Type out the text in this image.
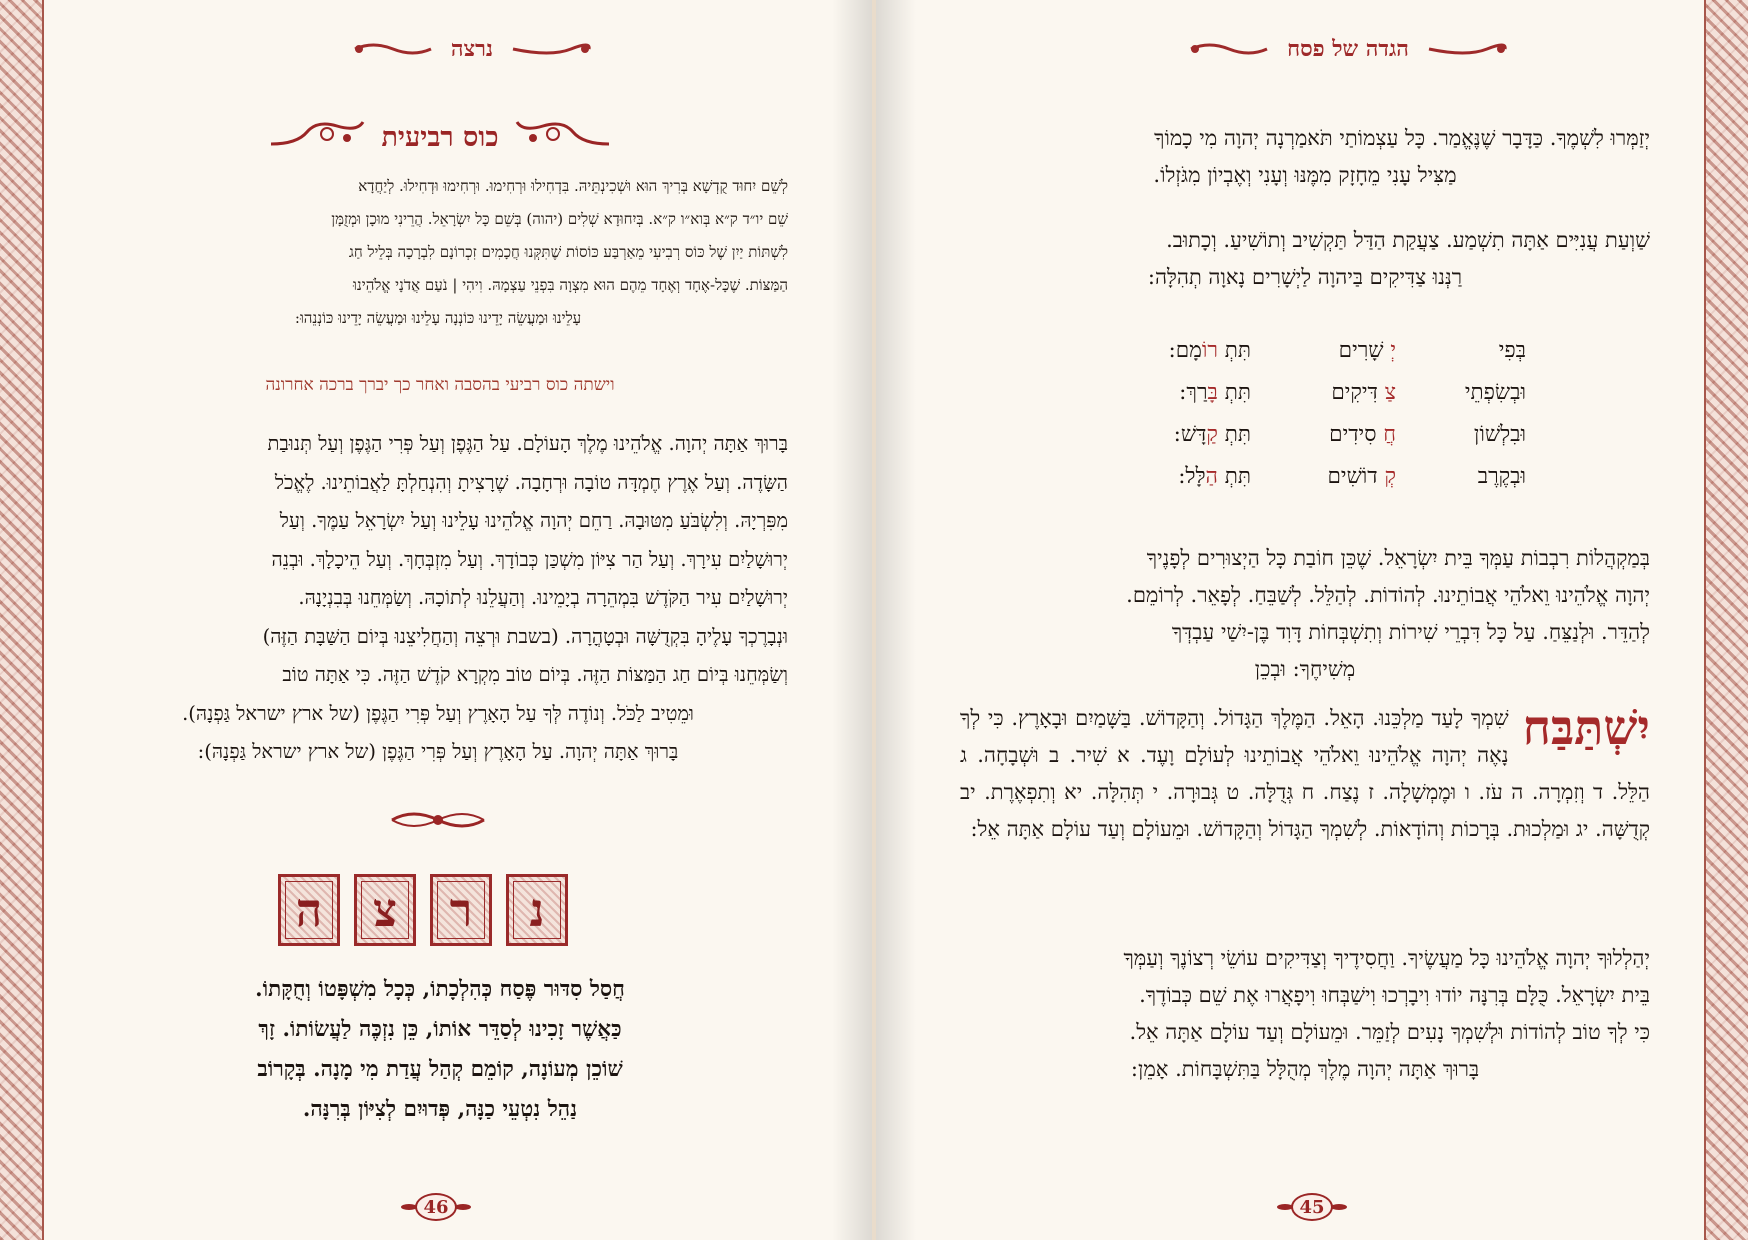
נרצה
כוס רביעית

לְשֵׁם יִחוּד קֻדְשָׁא בְּרִיךְ הוּא וּשְׁכִינְתֵּיהּ. בִּדְחִילוּ וּרְחִימוּ. וּרְחִימוּ וּדְחִילוּ. לְיַחֲדָא

שֵׁם יו״ד ק״א בְּוא״ו ק״א. בְּיִחוּדָא שְׁלִים (יהוה) בְּשֵׁם כָּל יִשְׂרָאֵל. הֲרֵינִי מוּכָן וּמְזֻמָּן

לִשְׁתּוֹת יַיִן שֶׁל כּוֹס רְבִיעִי מֵאַרְבַּע כּוֹסוֹת שֶׁתִּקְּנוּ חֲכָמִים זִכְרוֹנָם לִבְרָכָה בְּלֵיל חַג

הַמַּצּוֹת. שֶׁכָּל-אֶחָד וְאֶחָד מֵהֶם הוּא מִצְוָה בִּפְנֵי עַצְמָהּ. וִיהִי | נֹעַם אֲדֹנָי אֱלֹהֵינוּ

עָלֵינוּ וּמַעֲשֵׂה יָדֵינוּ כּוֹנְנָה עָלֵינוּ וּמַעֲשֵׂה יָדֵינוּ כּוֹנְנֵהוּ:

וישתה כוס רביעי בהסבה ואחר כך יברך ברכה אחרונה

בָּרוּךְ אַתָּה יְהוָה. אֱלֹהֵינוּ מֶלֶךְ הָעוֹלָם. עַל הַגֶּפֶן וְעַל פְּרִי הַגֶּפֶן וְעַל תְּנוּבַת

הַשָּׂדֶה. וְעַל אֶרֶץ חֶמְדָּה טוֹבָה וּרְחָבָה. שֶׁרָצִיתָ וְהִנְחַלְתָּ לַאֲבוֹתֵינוּ. לֶאֱכֹל

מִפִּרְיָהּ. וְלִשְׂבֹּעַ מִטּוּבָהּ. רַחֵם יְהוָה אֱלֹהֵינוּ עָלֵינוּ וְעַל יִשְׂרָאֵל עַמֶּךָ. וְעַל

יְרוּשָׁלַיִם עִירָךְ. וְעַל הַר צִיּוֹן מִשְׁכַּן כְּבוֹדָךְ. וְעַל מִזְבְּחָךְ. וְעַל הֵיכָלָךְ. וּבְנֵה

יְרוּשָׁלַיִם עִיר הַקֹּדֶשׁ בִּמְהֵרָה בְיָמֵינוּ. וְהַעֲלֵנוּ לְתוֹכָהּ. וְשַׂמְּחֵנוּ בְּבִנְיָנָהּ.

וּנְבָרֶכְךָ עָלֶיהָ בִּקְדֻשָּׁה וּבְטָהֳרָה. (בשבת וּרְצֵה וְהַחֲלִיצֵנוּ בְּיוֹם הַשַּׁבָּת הַזֶּה)

וְשַׂמְּחֵנוּ בְּיוֹם חַג הַמַּצּוֹת הַזֶּה. בְּיוֹם טוֹב מִקְרָא קֹדֶשׁ הַזֶּה. כִּי אַתָּה טוֹב

וּמֵטִיב לַכֹּל. וְנוֹדֶה לְּךָ עַל הָאָרֶץ וְעַל פְּרִי הַגֶּפֶן (של ארץ ישראל גַּפְנָהּ).

בָּרוּךְ אַתָּה יְהוָה. עַל הָאָרֶץ וְעַל פְּרִי הַגֶּפֶן (של ארץ ישראל גַּפְנָהּ):

נ
ר
צ
ה

חֲסַל סִדּוּר פֶּסַח כְּהִלְכָתוֹ, כְּכָל מִשְׁפָּטוֹ וְחֻקָּתוֹ.

כַּאֲשֶׁר זָכִינוּ לְסַדֵּר אוֹתוֹ, כֵּן נִזְכֶּה לַעֲשׂוֹתוֹ. זָךְ

שׁוֹכֵן מְעוֹנָה, קוֹמֵם קְהַל עֲדַת מִי מָנָה. בְּקָרוֹב

נַהֵל נִטְעֵי כַנָּה, פְּדוּיִם לְצִיּוֹן בְּרִנָּה.

46
הגדה של פסח

יְזַמְּרוּ לִשְׁמֶךָ. כַּדָּבָר שֶׁנֶּאֱמַר. כָּל עַצְמוֹתַי תֹּאמַרְנָה יְהוָה מִי כָמוֹךָ

מַצִּיל עָנִי מֵחָזָק מִמֶּנּוּ וְעָנִי וְאֶבְיוֹן מִגֹּזְלוֹ.

שַׁוְעַת עֲנִיִּים אַתָּה תִשְׁמַע. צַעֲקַת הַדַּל תַּקְשִׁיב וְתוֹשִׁיעַ. וְכָתוּב.

רַנְּנוּ צַדִּיקִים בַּיהוָה לַיְשָׁרִים נָאוָה תְהִלָּה:

בְּפִי
יְ שָׁרִים
תִּתְ רוֹמָם:
וּבְשִׂפְתֵי
צַ דִּיקִים
תִּתְ בָּרַךְ:
וּבִלְשׁוֹן
חֲ סִידִים
תִּתְ קַדָּשׁ:
וּבְקֶרֶב
קְ דוֹשִׁים
תִּתְ הַלָּל:

בְּמַקְהֲלוֹת רִבְבוֹת עַמְּךָ בֵּית יִשְׂרָאֵל. שֶׁכֵּן חוֹבַת כָּל הַיְצוּרִים לְפָנֶיךָ

יְהוָה אֱלֹהֵינוּ וֵאלֹהֵי אֲבוֹתֵינוּ. לְהוֹדוֹת. לְהַלֵּל. לְשַׁבֵּחַ. לְפָאֵר. לְרוֹמֵם.

לְהַדֵּר. וּלְנַצֵּחַ. עַל כָּל דִּבְרֵי שִׁירוֹת וְתִשְׁבְּחוֹת דָּוִד בֶּן-יִשַׁי עַבְדְּךָ

מְשִׁיחֶךָ: וּבְכֵן

יִשְׁתַּבַּח
שִׁמְךָ לָעַד מַלְכֵּנוּ. הָאֵל. הַמֶּלֶךְ הַגָּדוֹל. וְהַקָּדוֹשׁ. בַּשָּׁמַיִם וּבָאָרֶץ. כִּי לְךָ נָאֶה יְהוָה אֱלֹהֵינוּ וֵאלֹהֵי אֲבוֹתֵינוּ לְעוֹלָם וָעֶד. א שִׁיר. ב וּשְׁבָחָה. ג הַלֵּל. ד וְזִמְרָה. ה עֹז. ו וּמֶמְשָׁלָה. ז נֶצַח. ח גְּדֻלָּה. ט גְּבוּרָה. י תְּהִלָּה. יא וְתִפְאֶרֶת. יב קְדֻשָּׁה. יג וּמַלְכוּת. בְּרָכוֹת וְהוֹדָאוֹת. לְשִׁמְךָ הַגָּדוֹל וְהַקָּדוֹשׁ. וּמֵעוֹלָם וְעַד עוֹלָם אַתָּה אֵל:

יְהַלְלוּךָ יְהוָה אֱלֹהֵינוּ כָּל מַעֲשֶׂיךָ. וַחֲסִידֶיךָ וְצַדִּיקִים עוֹשֵׂי רְצוֹנֶךָ וְעַמְּךָ

בֵּית יִשְׂרָאֵל. כֻּלָּם בְּרִנָּה יוֹדוּ וִיבָרְכוּ וִישַׁבְּחוּ וִיפָאֲרוּ אֶת שֵׁם כְּבוֹדֶךָ.

כִּי לְךָ טוֹב לְהוֹדוֹת וּלְשִׁמְךָ נָעִים לְזַמֵּר. וּמֵעוֹלָם וְעַד עוֹלָם אַתָּה אֵל.

בָּרוּךְ אַתָּה יְהוָה מֶלֶךְ מְהֻלָּל בַּתִּשְׁבָּחוֹת. אָמֵן:

45
